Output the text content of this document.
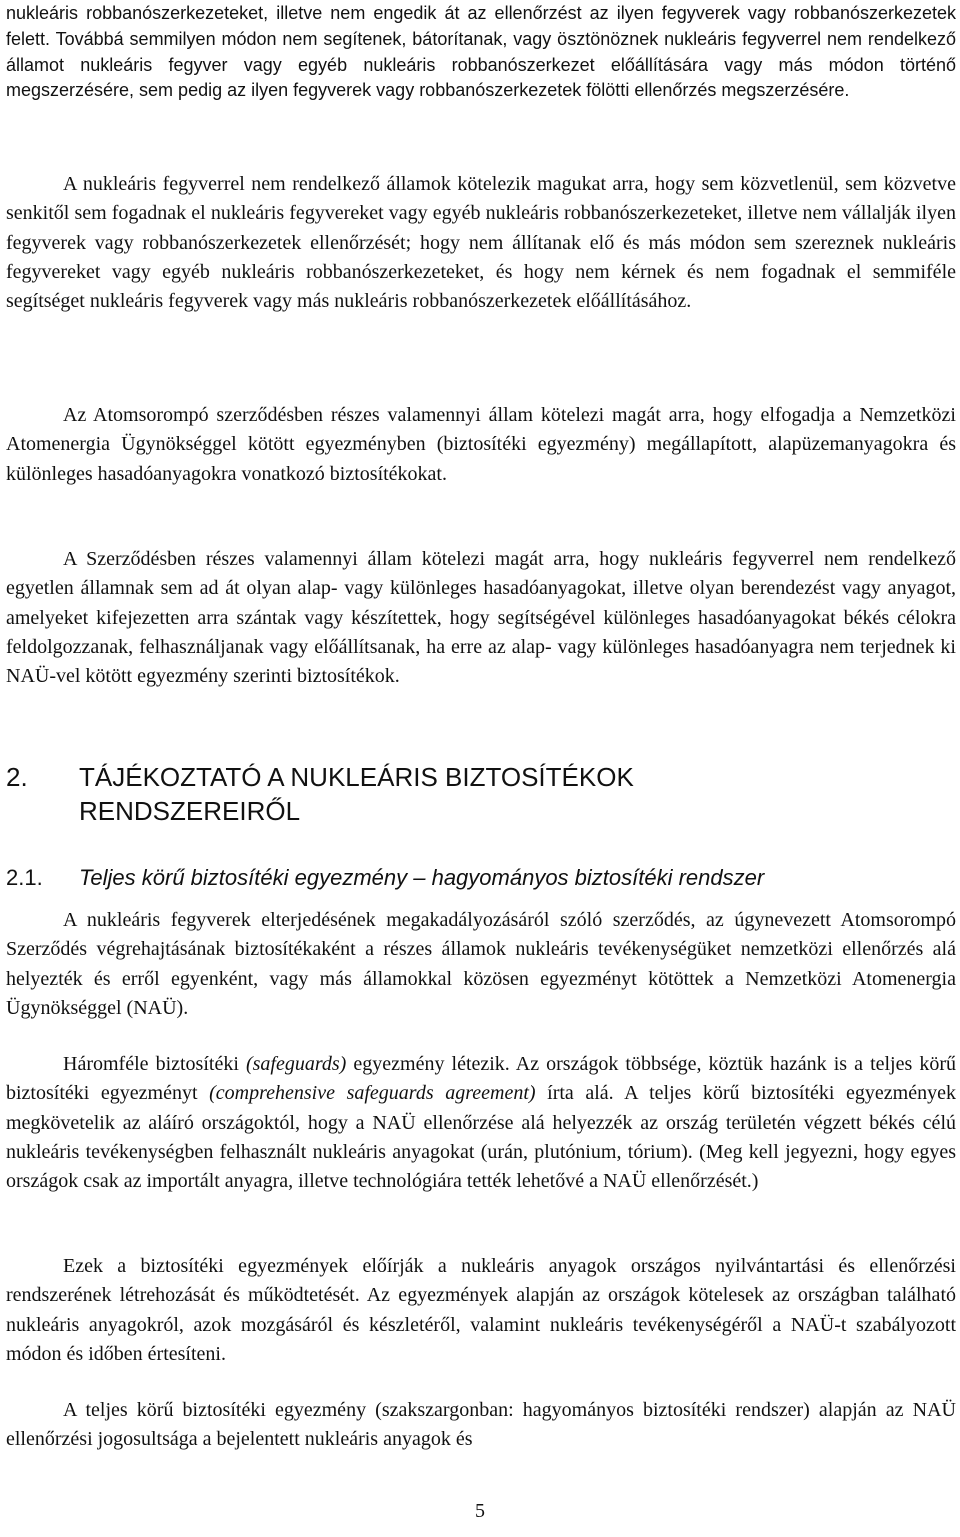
nukleáris robbanószerkezeteket, illetve nem engedik át az ellenőrzést az ilyen fegyverek vagy robbanószerkezetek felett. Továbbá semmilyen módon nem segítenek, bátorítanak, vagy ösztönöznek nukleáris fegyverrel nem rendelkező államot nukleáris fegyver vagy egyéb nukleáris robbanószerkezet előállítására vagy más módon történő megszerzésére, sem pedig az ilyen fegyverek vagy robbanószerkezetek fölötti ellenőrzés megszerzésére.

A nukleáris fegyverrel nem rendelkező államok kötelezik magukat arra, hogy sem közvetlenül, sem közvetve senkitől sem fogadnak el nukleáris fegyvereket vagy egyéb nukleáris robbanószerkezeteket, illetve nem vállalják ilyen fegyverek vagy robbanószerkezetek ellenőrzését; hogy nem állítanak elő és más módon sem szereznek nukleáris fegyvereket vagy egyéb nukleáris robbanószerkezeteket, és hogy nem kérnek és nem fogadnak el semmiféle segítséget nukleáris fegyverek vagy más nukleáris robbanószerkezetek előállításához.

Az Atomsorompó szerződésben részes valamennyi állam kötelezi magát arra, hogy elfogadja a Nemzetközi Atomenergia Ügynökséggel kötött egyezményben (biztosítéki egyezmény) megállapított, alapüzemanyagokra és különleges hasadóanyagokra vonatkozó biztosítékokat.

A Szerződésben részes valamennyi állam kötelezi magát arra, hogy nukleáris fegyverrel nem rendelkező egyetlen államnak sem ad át olyan alap- vagy különleges hasadóanyagokat, illetve olyan berendezést vagy anyagot, amelyeket kifejezetten arra szántak vagy készítettek, hogy segítségével különleges hasadóanyagokat békés célokra feldolgozzanak, felhasználjanak vagy előállítsanak, ha erre az alap- vagy különleges hasadóanyagra nem terjednek ki NAÜ-vel kötött egyezmény szerinti biztosítékok.

2. TÁJÉKOZTATÓ A NUKLEÁRIS BIZTOSÍTÉKOK RENDSZEREIRŐL
2.1. Teljes körű biztosítéki egyezmény – hagyományos biztosítéki rendszer

A nukleáris fegyverek elterjedésének megakadályozásáról szóló szerződés, az úgynevezett Atomsorompó Szerződés végrehajtásának biztosítékaként a részes államok nukleáris tevékenységüket nemzetközi ellenőrzés alá helyezték és erről egyenként, vagy más államokkal közösen egyezményt kötöttek a Nemzetközi Atomenergia Ügynökséggel (NAÜ).

Háromféle biztosítéki (safeguards) egyezmény létezik. Az országok többsége, köztük hazánk is a teljes körű biztosítéki egyezményt (comprehensive safeguards agreement) írta alá. A teljes körű biztosítéki egyezmények megkövetelik az aláíró országoktól, hogy a NAÜ ellenőrzése alá helyezzék az ország területén végzett békés célú nukleáris tevékenységben felhasznált nukleáris anyagokat (urán, plutónium, tórium). (Meg kell jegyezni, hogy egyes országok csak az importált anyagra, illetve technológiára tették lehetővé a NAÜ ellenőrzését.)

Ezek a biztosítéki egyezmények előírják a nukleáris anyagok országos nyilvántartási és ellenőrzési rendszerének létrehozását és működtetését. Az egyezmények alapján az országok kötelesek az országban található nukleáris anyagokról, azok mozgásáról és készletéről, valamint nukleáris tevékenységéről a NAÜ-t szabályozott módon és időben értesíteni.

A teljes körű biztosítéki egyezmény (szakszargonban: hagyományos biztosítéki rendszer) alapján az NAÜ ellenőrzési jogosultsága a bejelentett nukleáris anyagok és

5
